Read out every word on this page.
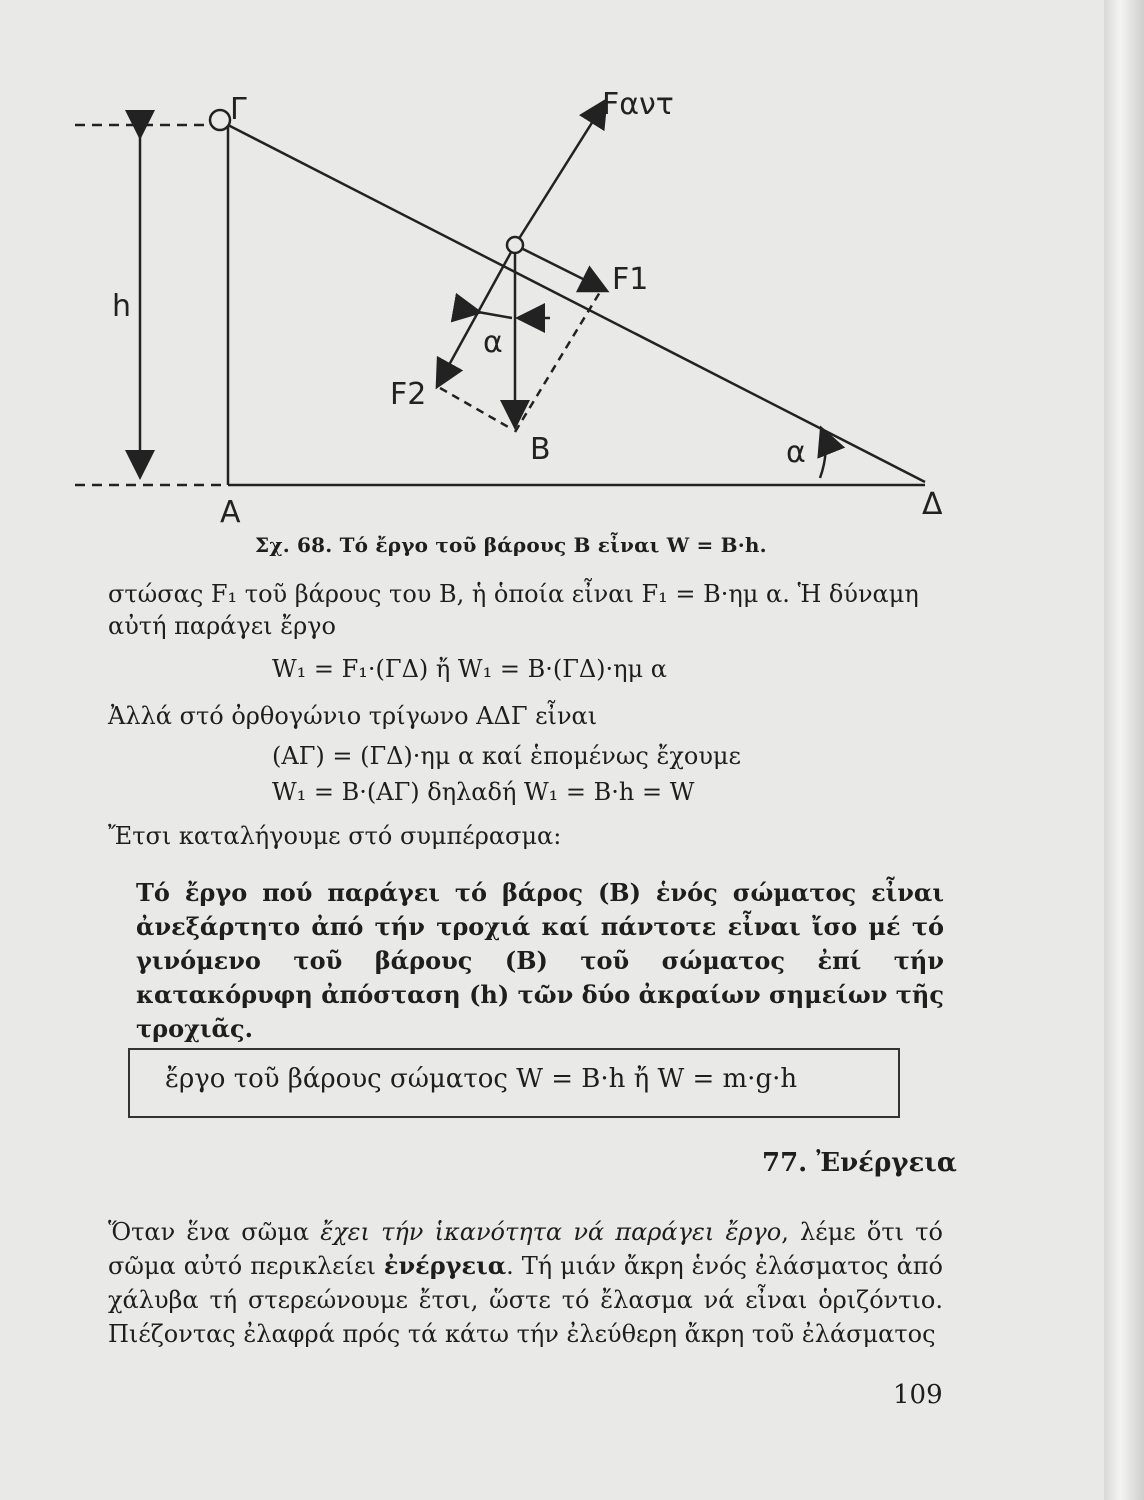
Γ	Fαντ
h
F1
α
F2
B	α
A	Δ
Σχ. 68. Τό ἔργο τοῦ βάρους Β εἶναι W = B·h.
στώσας F₁ τοῦ βάρους του Β, ἡ ὁποία εἶναι F₁ = Β·ημ α. Ἡ δύναμη
αὐτή παράγει ἔργο
W₁ = F₁·(ΓΔ) ἤ W₁ = B·(ΓΔ)·ημ α
Ἀλλά στό ὀρθογώνιο τρίγωνο ΑΔΓ εἶναι
(ΑΓ) = (ΓΔ)·ημ α καί ἑπομένως ἔχουμε
W₁ = B·(ΑΓ) δηλαδή W₁ = B·h = W
Ἔτσι καταλήγουμε στό συμπέρασμα:
Τό ἔργο πού παράγει τό βάρος (Β) ἑνός σώματος εἶναι ἀνεξάρτητο ἀπό τήν τροχιά καί πάντοτε εἶναι ἴσο μέ τό γινόμενο τοῦ βάρους (Β) τοῦ σώματος ἐπί τήν κατακόρυφη ἀπόσταση (h) τῶν δύο ἀκραίων σημείων τῆς τροχιᾶς.
ἔργο τοῦ βάρους σώματος W = B·h ἤ W = m·g·h
77. Ἐνέργεια
Ὅταν ἕνα σῶμα ἔχει τήν ἱκανότητα νά παράγει ἔργο, λέμε ὅτι τό σῶμα αὐτό περικλείει ἐνέργεια. Τή μιάν ἄκρη ἑνός ἐλάσματος ἀπό χάλυβα τή στερεώνουμε ἔτσι, ὥστε τό ἔλασμα νά εἶναι ὁριζόντιο. Πιέζοντας ἐλαφρά πρός τά κάτω τήν ἐλεύθερη ἄκρη τοῦ ἐλάσματος
109
